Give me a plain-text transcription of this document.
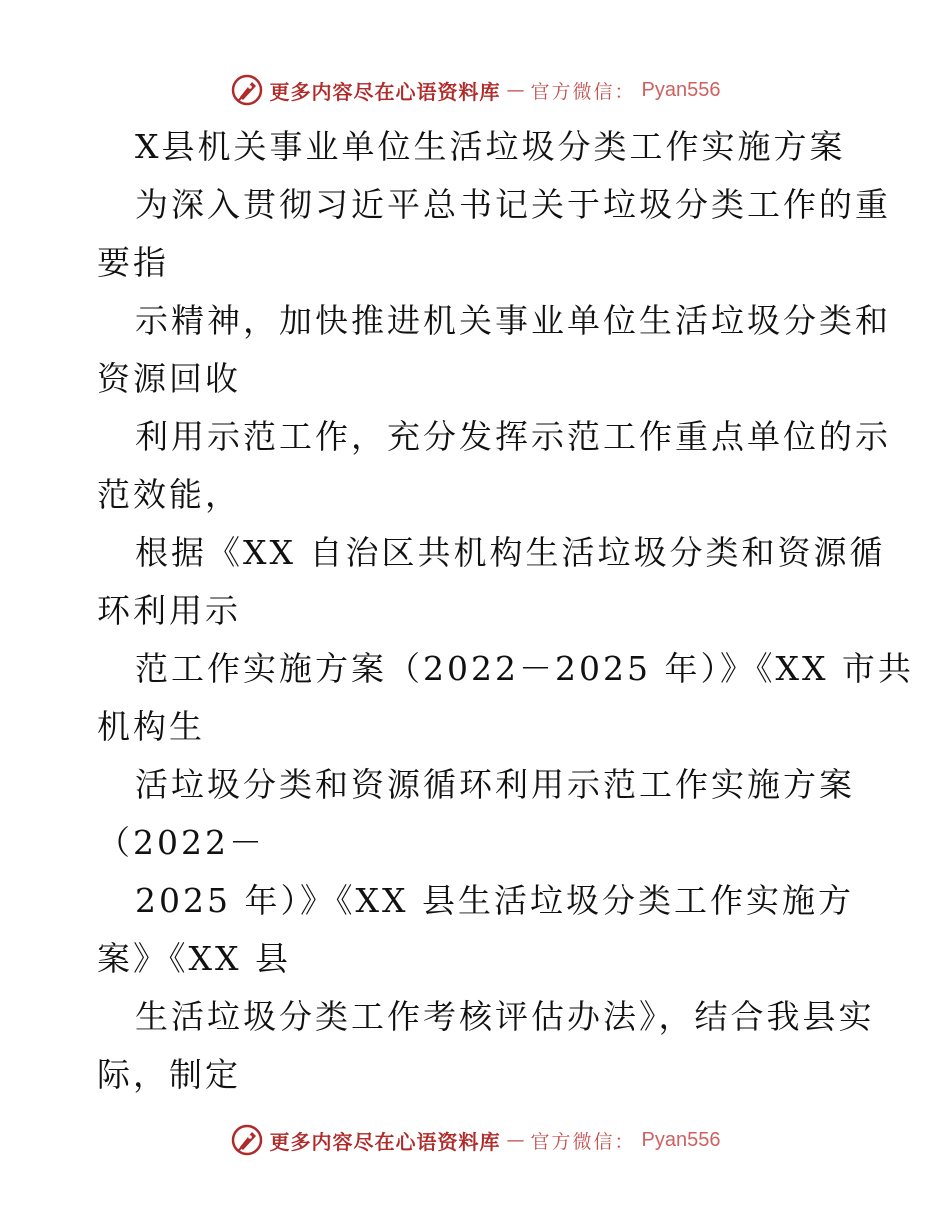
更多内容尽在心语资料库 — 官方微信： Pyan556
X县机关事业单位生活垃圾分类工作实施方案
为深入贯彻习近平总书记关于垃圾分类工作的重
要指
示精神，加快推进机关事业单位生活垃圾分类和
资源回收
利用示范工作，充分发挥示范工作重点单位的示
范效能，
根据《XX 自治区共机构生活垃圾分类和资源循
环利用示
范工作实施方案（2022－2025 年）》《XX 市共
机构生
活垃圾分类和资源循环利用示范工作实施方案
（2022－
2025 年）》《XX 县生活垃圾分类工作实施方
案》《XX 县
生活垃圾分类工作考核评估办法》，结合我县实
际，制定
更多内容尽在心语资料库 — 官方微信： Pyan556
